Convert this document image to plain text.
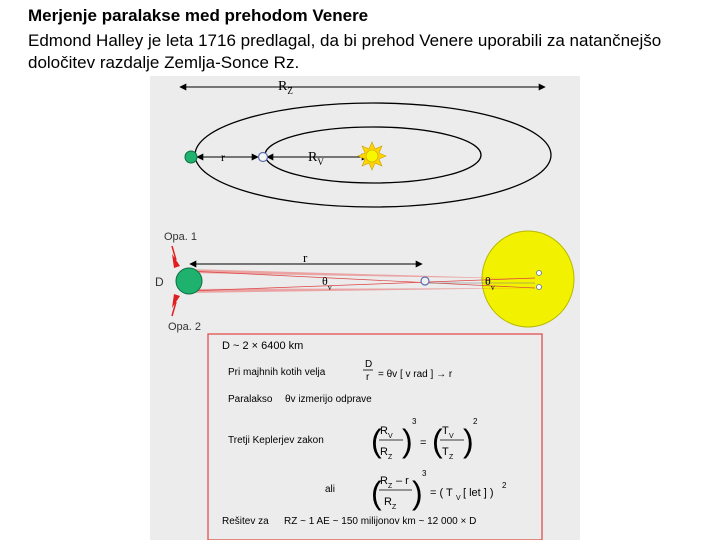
Merjenje paralakse med prehodom Venere
Edmond Halley je leta 1716 predlagal, da bi prehod Venere uporabili za natančnejšo določitev razdalje Zemlja-Sonce Rz.
$R_Z$
r	$R_V$
Opa. 1
Opa. 2
D
r
$\theta_v$	$\theta_v$
D ~ 2 × 6400 km
Pri majhnih kotih velja
D
r = θv [ v rad ] → r
Paralakso θv izmerijo odprave
Tretji Keplerjev zakon (
R V
R Z )
3
= ( T V
T Z )
2
ali (
R Z – r
R Z )
3
= ( T V [ let ] )
2
Rešitev za RZ ~ 1 AE ~ 150 milijonov km ~ 12 000 × D
